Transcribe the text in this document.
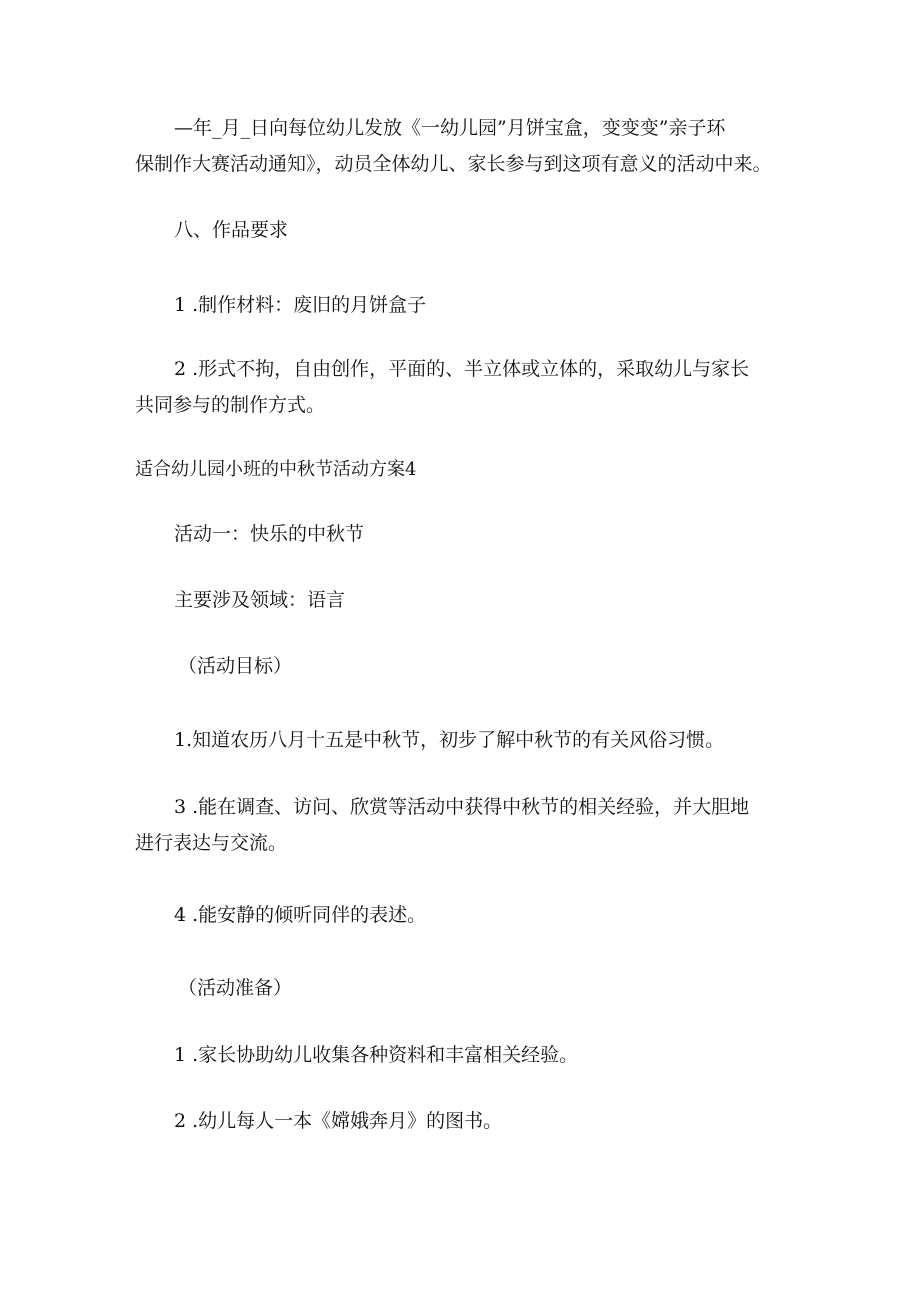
—年_月_日向每位幼儿发放《一幼儿园”月饼宝盒，变变变”亲子环

保制作大赛活动通知》，动员全体幼儿、家长参与到这项有意义的活动中来。

八、作品要求

1 .制作材料：废旧的月饼盒子

2 .形式不拘，自由创作，平面的、半立体或立体的，采取幼儿与家长

共同参与的制作方式。

适合幼儿园小班的中秋节活动方案4

活动一：快乐的中秋节

主要涉及领域：语言

（活动目标）

1.知道农历八月十五是中秋节，初步了解中秋节的有关风俗习惯。

3 .能在调查、访问、欣赏等活动中获得中秋节的相关经验，并大胆地

进行表达与交流。

4 .能安静的倾听同伴的表述。

（活动准备）

1 .家长协助幼儿收集各种资料和丰富相关经验。

2 .幼儿每人一本《嫦娥奔月》的图书。
